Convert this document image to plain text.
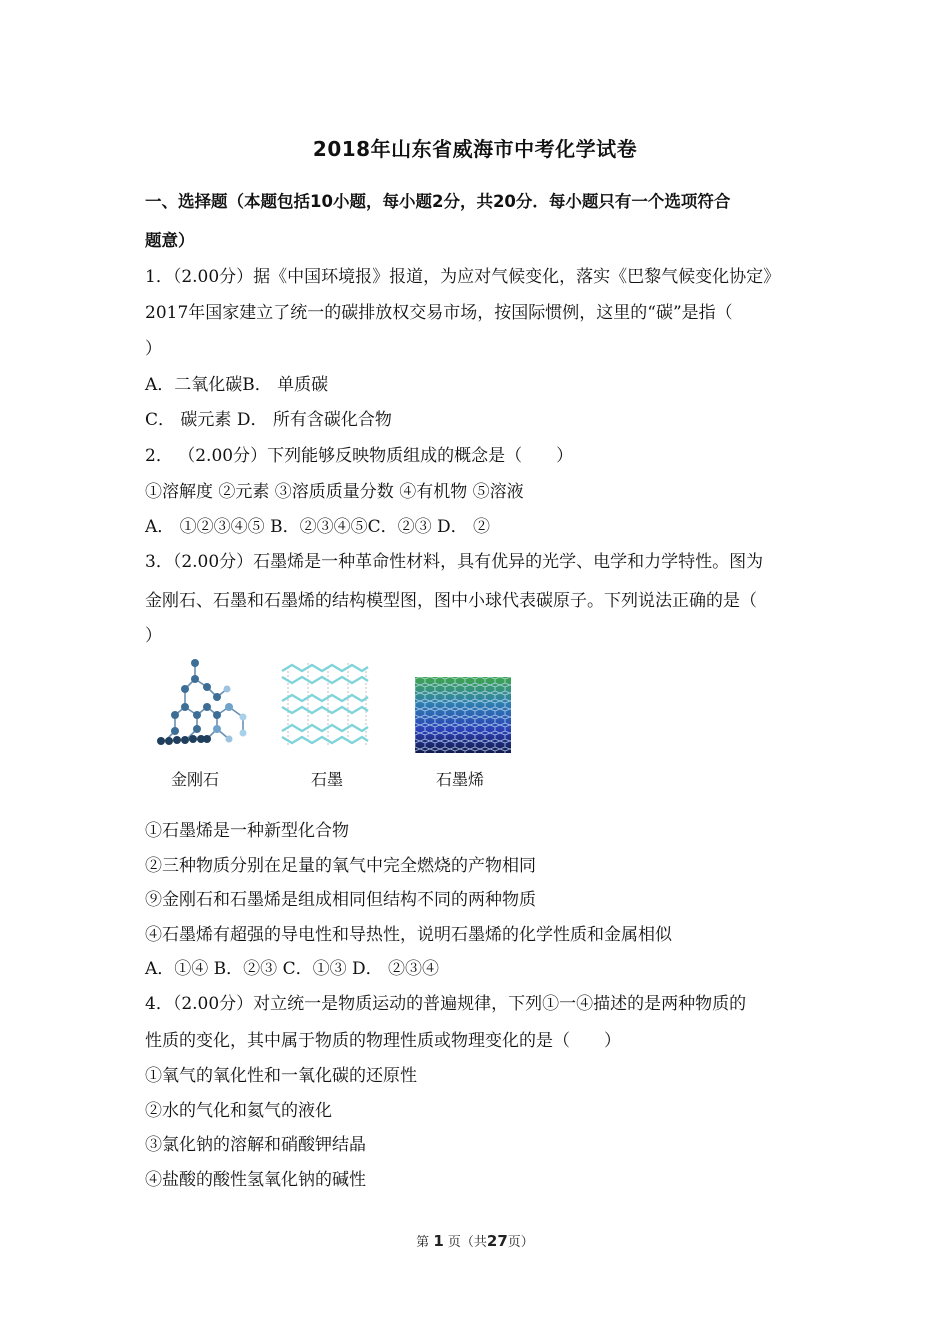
2018年山东省威海市中考化学试卷
一、选择题（本题包括10小题，每小题2分，共20分．每小题只有一个选项符合
题意）
1．（2.00分）据《中国环境报》报道，为应对气候变化，落实《巴黎气候变化协定》
2017年国家建立了统一的碳排放权交易市场，按国际惯例，这里的“碳”是指（
）
A．二氧化碳B． 单质碳
C． 碳元素 D． 所有含碳化合物
2． （2.00分）下列能够反映物质组成的概念是（　　）
①溶解度 ②元素 ③溶质质量分数 ④有机物 ⑤溶液
A． ①②③④⑤ B．②③④⑤C．②③ D． ②
3．（2.00分）石墨烯是一种革命性材料，具有优异的光学、电学和力学特性。图为
金刚石、石墨和石墨烯的结构模型图，图中小球代表碳原子。下列说法正确的是（
）
金刚石	石墨	石墨烯
①石墨烯是一种新型化合物
②三种物质分别在足量的氧气中完全燃烧的产物相同
⑨金刚石和石墨烯是组成相同但结构不同的两种物质
④石墨烯有超强的导电性和导热性，说明石墨烯的化学性质和金属相似
A．①④ B．②③ C．①③ D． ②③④
4．（2.00分）对立统一是物质运动的普遍规律，下列①一④描述的是两种物质的
性质的变化，其中属于物质的物理性质或物理变化的是（　　）
①氧气的氧化性和一氧化碳的还原性
②水的气化和氦气的液化
③氯化钠的溶解和硝酸钾结晶
④盐酸的酸性氢氧化钠的碱性
第 1 页（共27页）
